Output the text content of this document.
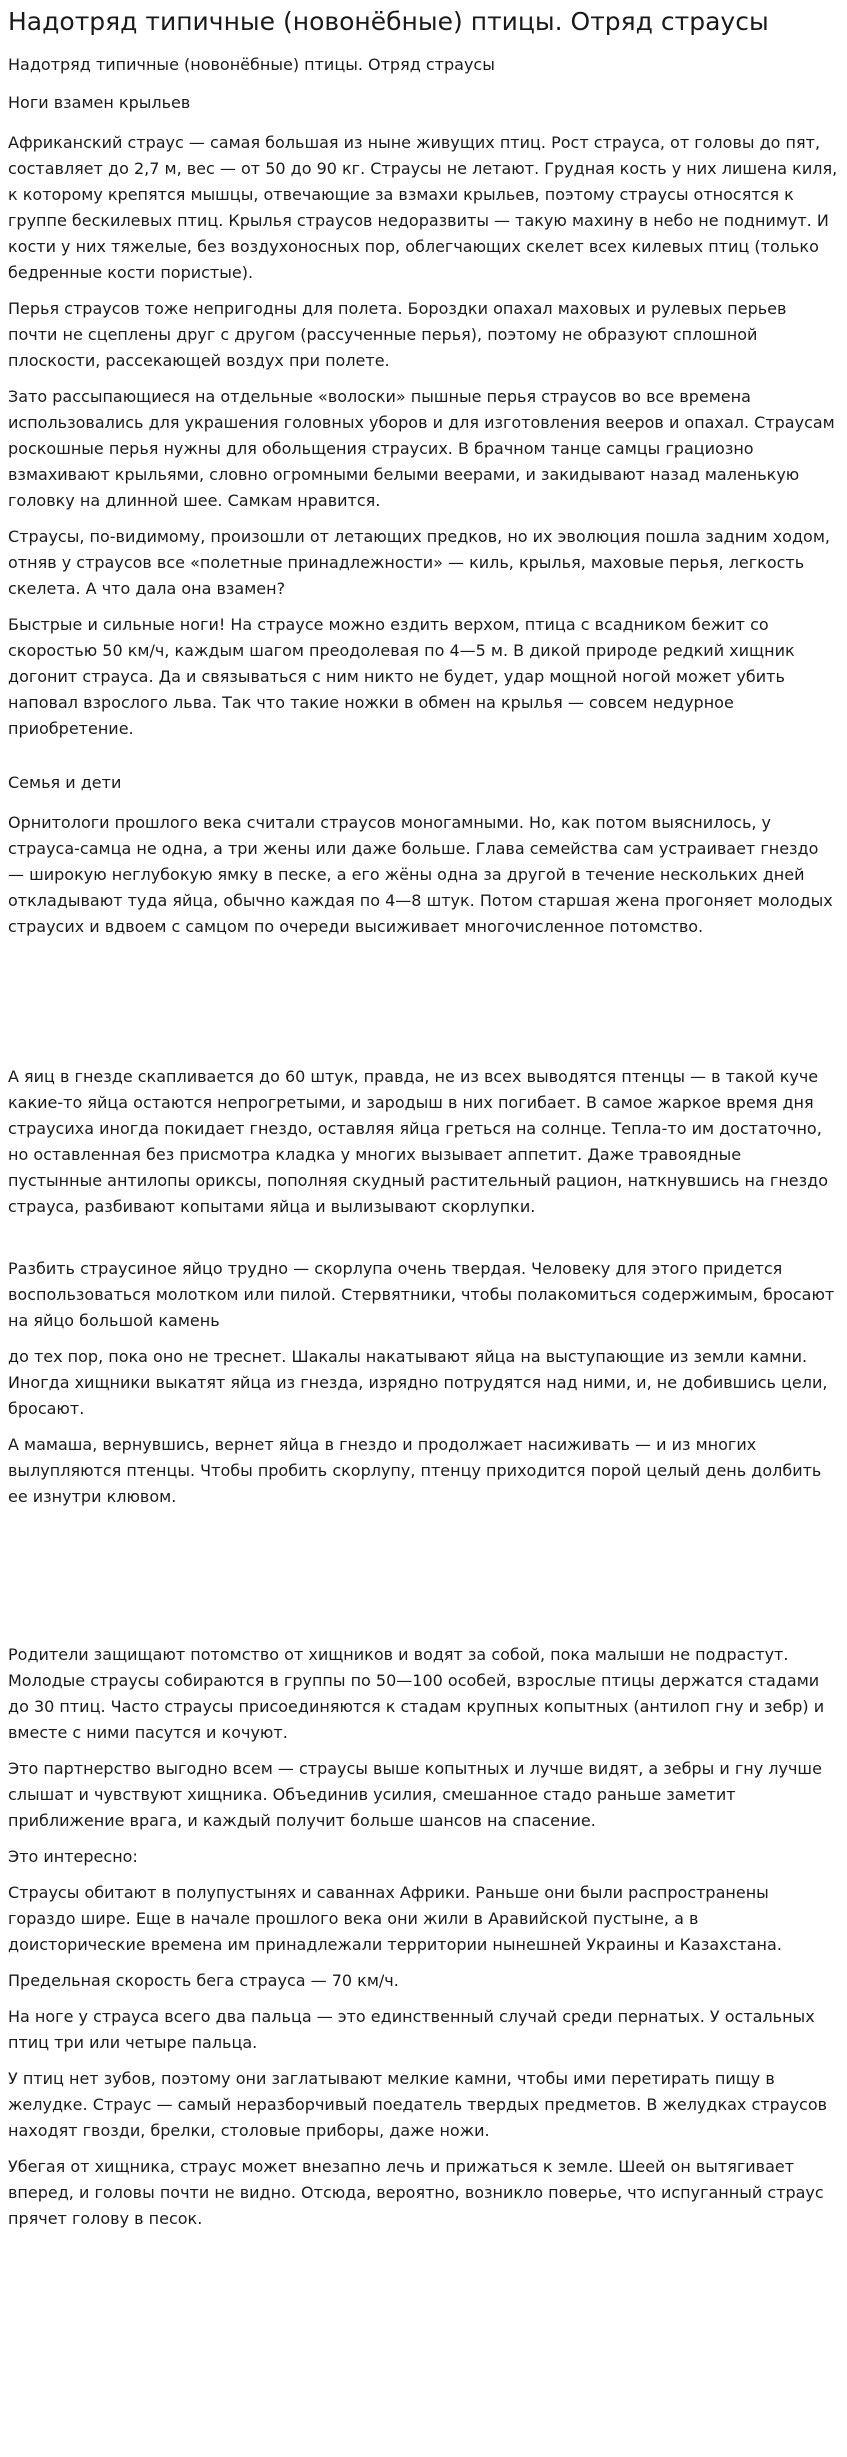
Надотряд типичные (новонёбные) птицы. Отряд страусы

Надотряд типичные (новонёбные) птицы. Отряд страусы

Ноги взамен крыльев

Африканский страус — самая большая из ныне живущих птиц. Рост страуса, от головы до пят, составляет до 2,7 м, вес — от 50 до 90 кг. Страусы не летают. Грудная кость у них лишена киля, к которому крепятся мышцы, отвечающие за взмахи крыльев, поэтому страусы относятся к группе бескилевых птиц. Крылья страусов недоразвиты — такую махину в небо не поднимут. И кости у них тяжелые, без воздухоносных пор, облегчающих скелет всех килевых птиц (только бедренные кости пористые).

Перья страусов тоже непригодны для полета. Бороздки опахал маховых и рулевых перьев почти не сцеплены друг с другом (рассученные перья), поэтому не образуют сплошной плоскости, рассекающей воздух при полете.

Зато рассыпающиеся на отдельные «волоски» пышные перья страусов во все времена использовались для украшения головных уборов и для изготовления вееров и опахал. Страусам роскошные перья нужны для обольщения страусих. В брачном танце самцы грациозно взмахивают крыльями, словно огромными белыми веерами, и закидывают назад маленькую головку на длинной шее. Самкам нравится.

Страусы, по-видимому, произошли от летающих предков, но их эволюция пошла задним ходом, отняв у страусов все «полетные принадлежности» — киль, крылья, маховые перья, легкость скелета. А что дала она взамен?

Быстрые и сильные ноги! На страусе можно ездить верхом, птица с всадником бежит со скоростью 50 км/ч, каждым шагом преодолевая по 4—5 м. В дикой природе редкий хищник догонит страуса. Да и связываться с ним никто не будет, удар мощной ногой может убить наповал взрослого льва. Так что такие ножки в обмен на крылья — совсем недурное приобретение.

Семья и дети

Орнитологи прошлого века считали страусов моногамными. Но, как потом выяснилось, у страуса-самца не одна, а три жены или даже больше. Глава семейства сам устраивает гнездо — широкую неглубокую ямку в песке, а его жёны одна за другой в течение нескольких дней откладывают туда яйца, обычно каждая по 4—8 штук. Потом старшая жена прогоняет молодых страусих и вдвоем с самцом по очереди высиживает многочисленное потомство.

А яиц в гнезде скапливается до 60 штук, правда, не из всех выводятся птенцы — в такой куче какие-то яйца остаются непрогретыми, и зародыш в них погибает. В самое жаркое время дня страусиха иногда покидает гнездо, оставляя яйца греться на солнце. Тепла-то им достаточно, но оставленная без присмотра кладка у многих вызывает аппетит. Даже травоядные пустынные антилопы ориксы, пополняя скудный растительный рацион, наткнувшись на гнездо страуса, разбивают копытами яйца и вылизывают скорлупки.

Разбить страусиное яйцо трудно — скорлупа очень твердая. Человеку для этого придется воспользоваться молотком или пилой. Стервятники, чтобы полакомиться содержимым, бросают на яйцо большой камень

до тех пор, пока оно не треснет. Шакалы накатывают яйца на выступающие из земли камни. Иногда хищники выкатят яйца из гнезда, изрядно потрудятся над ними, и, не добившись цели, бросают.

А мамаша, вернувшись, вернет яйца в гнездо и продолжает насиживать — и из многих вылупляются птенцы. Чтобы пробить скорлупу, птенцу приходится порой целый день долбить ее изнутри клювом.

Родители защищают потомство от хищников и водят за собой, пока малыши не подрастут. Молодые страусы собираются в группы по 50—100 особей, взрослые птицы держатся стадами до 30 птиц. Часто страусы присоединяются к стадам крупных копытных (антилоп гну и зебр) и вместе с ними пасутся и кочуют.

Это партнерство выгодно всем — страусы выше копытных и лучше видят, а зебры и гну лучше слышат и чувствуют хищника. Объединив усилия, смешанное стадо раньше заметит приближение врага, и каждый получит больше шансов на спасение.

Это интересно:

Страусы обитают в полупустынях и саваннах Африки. Раньше они были распространены гораздо шире. Еще в начале прошлого века они жили в Аравийской пустыне, а в доисторические времена им принадлежали территории нынешней Украины и Казахстана.

Предельная скорость бега страуса — 70 км/ч.

На ноге у страуса всего два пальца — это единственный случай среди пернатых. У остальных птиц три или четыре пальца.

У птиц нет зубов, поэтому они заглатывают мелкие камни, чтобы ими перетирать пищу в желудке. Страус — самый неразборчивый поедатель твердых предметов. В желудках страусов находят гвозди, брелки, столовые приборы, даже ножи.

Убегая от хищника, страус может внезапно лечь и прижаться к земле. Шеей он вытягивает вперед, и головы почти не видно. Отсюда, вероятно, возникло поверье, что испуганный страус прячет голову в песок.
